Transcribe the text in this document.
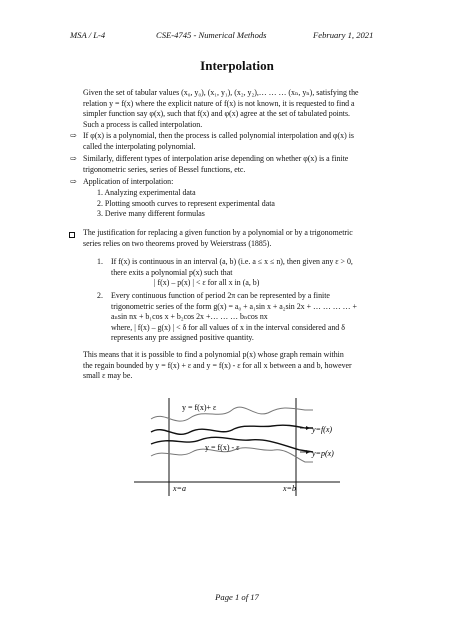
MSA / L-4	CSE-4745 - Numerical Methods	February 1, 2021
Interpolation
Given the set of tabular values (x₀, y₀), (x₁, y₁), (x₂, y₂),… … … (xₙ, yₙ), satisfying the
relation y = f(x) where the explicit nature of f(x) is not known, it is requested to find a
simpler function say φ(x), such that f(x) and φ(x) agree at the set of tabulated points.
Such a process is called interpolation.
⇨ If φ(x) is a polynomial, then the process is called polynomial interpolation and φ(x) is
called the interpolating polynomial.
⇨ Similarly, different types of interpolation arise depending on whether φ(x) is a finite
trigonometric series, series of Bessel functions, etc.
⇨ Application of interpolation:
1. Analyzing experimental data
2. Plotting smooth curves to represent experimental data
3. Derive many different formulas
The justification for replacing a given function by a polynomial or by a trigonometric
series relies on two theorems proved by Weierstrass (1885).
1. If f(x) is continuous in an interval (a, b) (i.e. a ≤ x ≤ n), then given any ε > 0,
there exits a polynomial p(x) such that
| f(x) – p(x) | < ε for all x in (a, b)
2. Every continuous function of period 2π can be represented by a finite
trigonometric series of the form g(x) = a₀ + a₁sin x + a₂sin 2x + … … … … +
aₙsin nx + b₁cos x + b₂cos 2x +… … … bₙcos nx
where, | f(x) – g(x) | < δ for all values of x in the interval considered and δ
represents any pre assigned positive quantity.
This means that it is possible to find a polynomial p(x) whose graph remain within
the regain bounded by y = f(x) + ε and y = f(x) - ε for all x between a and b, however
small ε may be.
y = f(x)+ ε
y = f(x) - ε
y=f(x)
y=p(x)
x=a	x=b
Page 1 of 17
